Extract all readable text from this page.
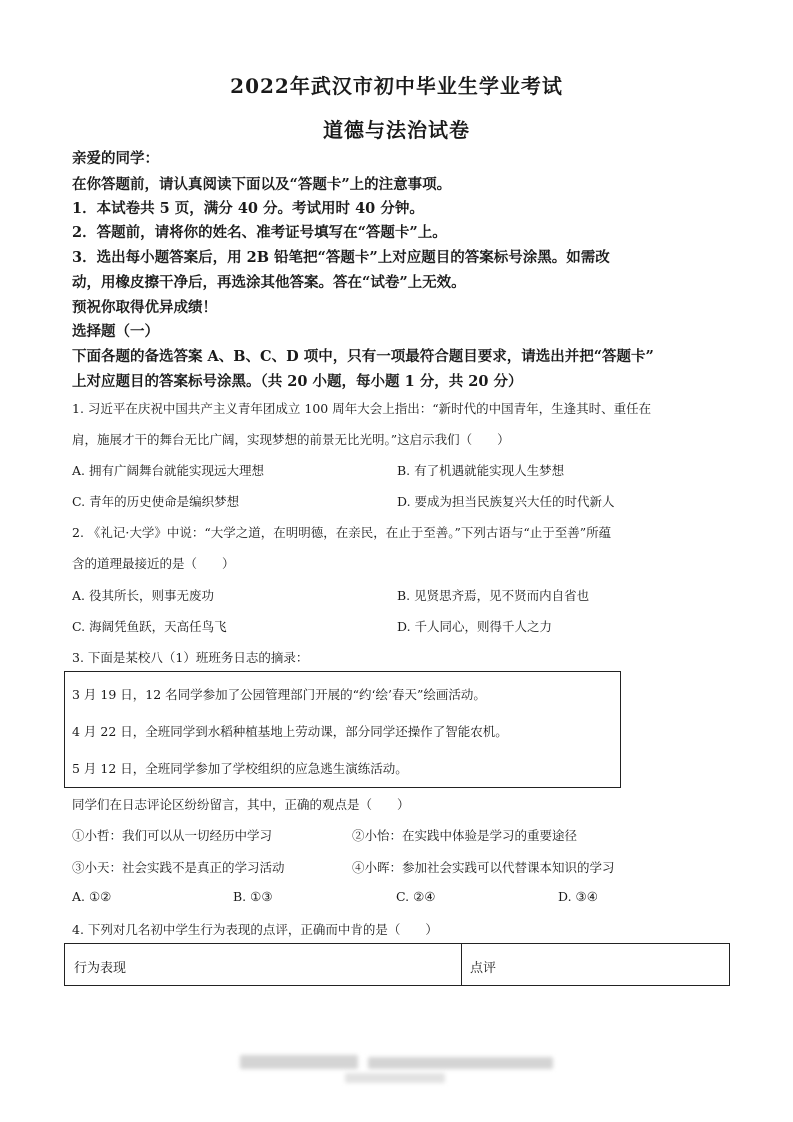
2022年武汉市初中毕业生学业考试
道德与法治试卷
亲爱的同学：
在你答题前，请认真阅读下面以及“答题卡”上的注意事项。
1．本试卷共 5 页，满分 40 分。考试用时 40 分钟。
2．答题前，请将你的姓名、准考证号填写在“答题卡”上。
3．选出每小题答案后，用 2B 铅笔把“答题卡”上对应题目的答案标号涂黑。如需改
动，用橡皮擦干净后，再选涂其他答案。答在“试卷”上无效。
预祝你取得优异成绩！
选择题（一）
下面各题的备选答案 A、B、C、D 项中，只有一项最符合题目要求，请选出并把“答题卡”
上对应题目的答案标号涂黑。（共 20 小题，每小题 1 分，共 20 分）
1. 习近平在庆祝中国共产主义青年团成立 100 周年大会上指出：“新时代的中国青年，生逢其时、重任在
肩，施展才干的舞台无比广阔，实现梦想的前景无比光明。”这启示我们（　　）
A. 拥有广阔舞台就能实现远大理想	B. 有了机遇就能实现人生梦想
C. 青年的历史使命是编织梦想	D. 要成为担当民族复兴大任的时代新人
2. 《礼记·大学》中说：“大学之道，在明明德，在亲民，在止于至善。”下列古语与“止于至善”所蕴
含的道理最接近的是（　　）
A. 役其所长，则事无废功	B. 见贤思齐焉，见不贤而内自省也
C. 海阔凭鱼跃，天高任鸟飞	D. 千人同心，则得千人之力
3. 下面是某校八（1）班班务日志的摘录：
3 月 19 日，12 名同学参加了公园管理部门开展的“约‘绘’春天”绘画活动。
4 月 22 日，全班同学到水稻种植基地上劳动课，部分同学还操作了智能农机。
5 月 12 日，全班同学参加了学校组织的应急逃生演练活动。
同学们在日志评论区纷纷留言，其中，正确的观点是（　　）
①小哲：我们可以从一切经历中学习	②小怡：在实践中体验是学习的重要途径
③小天：社会实践不是真正的学习活动	④小晖：参加社会实践可以代替课本知识的学习
A. ①②	B. ①③	C. ②④	D. ③④
4. 下列对几名初中学生行为表现的点评，正确而中肯的是（　　）
行为表现	点评
